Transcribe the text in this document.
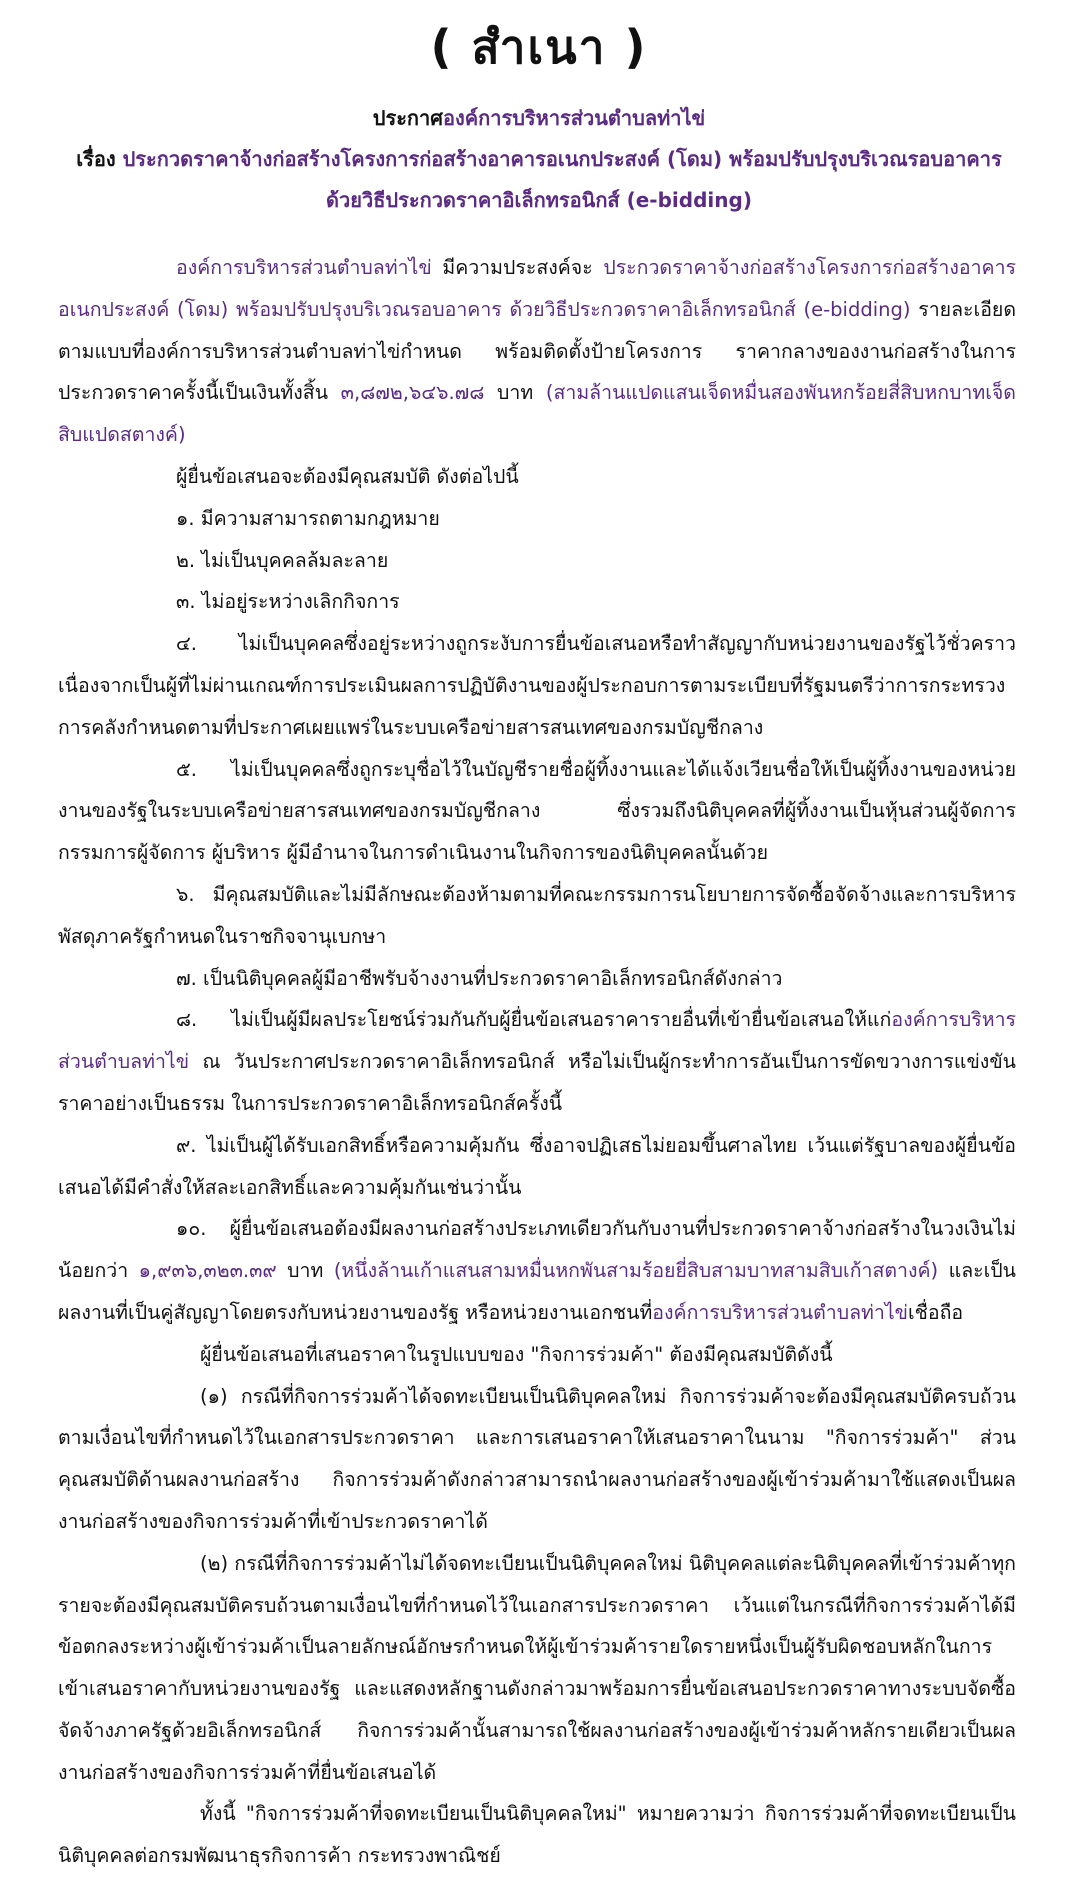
( สำเนา )

ประกาศองค์การบริหารส่วนตำบลท่าไข่

เรื่อง ประกวดราคาจ้างก่อสร้างโครงการก่อสร้างอาคารอเนกประสงค์ (โดม) พร้อมปรับปรุงบริเวณรอบอาคาร

ด้วยวิธีประกวดราคาอิเล็กทรอนิกส์ (e-bidding)

องค์การบริหารส่วนตำบลท่าไข่ มีความประสงค์จะ ประกวดราคาจ้างก่อสร้างโครงการก่อสร้างอาคารอเนกประสงค์ (โดม) พร้อมปรับปรุงบริเวณรอบอาคาร ด้วยวิธีประกวดราคาอิเล็กทรอนิกส์ (e-bidding) รายละเอียดตามแบบที่องค์การบริหารส่วนตำบลท่าไข่กำหนด พร้อมติดตั้งป้ายโครงการ ราคากลางของงานก่อสร้างในการประกวดราคาครั้งนี้เป็นเงินทั้งสิ้น ๓,๘๗๒,๖๔๖.๗๘ บาท (สามล้านแปดแสนเจ็ดหมื่นสองพันหกร้อยสี่สิบหกบาทเจ็ดสิบแปดสตางค์)

ผู้ยื่นข้อเสนอจะต้องมีคุณสมบัติ ดังต่อไปนี้

๑. มีความสามารถตามกฎหมาย

๒. ไม่เป็นบุคคลล้มละลาย

๓. ไม่อยู่ระหว่างเลิกกิจการ

๔. ไม่เป็นบุคคลซึ่งอยู่ระหว่างถูกระงับการยื่นข้อเสนอหรือทำสัญญากับหน่วยงานของรัฐไว้ชั่วคราว เนื่องจากเป็นผู้ที่ไม่ผ่านเกณฑ์การประเมินผลการปฏิบัติงานของผู้ประกอบการตามระเบียบที่รัฐมนตรีว่าการกระทรวงการคลังกำหนดตามที่ประกาศเผยแพร่ในระบบเครือข่ายสารสนเทศของกรมบัญชีกลาง

๕. ไม่เป็นบุคคลซึ่งถูกระบุชื่อไว้ในบัญชีรายชื่อผู้ทิ้งงานและได้แจ้งเวียนชื่อให้เป็นผู้ทิ้งงานของหน่วยงานของรัฐในระบบเครือข่ายสารสนเทศของกรมบัญชีกลาง ซึ่งรวมถึงนิติบุคคลที่ผู้ทิ้งงานเป็นหุ้นส่วนผู้จัดการ กรรมการผู้จัดการ ผู้บริหาร ผู้มีอำนาจในการดำเนินงานในกิจการของนิติบุคคลนั้นด้วย

๖. มีคุณสมบัติและไม่มีลักษณะต้องห้ามตามที่คณะกรรมการนโยบายการจัดซื้อจัดจ้างและการบริหารพัสดุภาครัฐกำหนดในราชกิจจานุเบกษา

๗. เป็นนิติบุคคลผู้มีอาชีพรับจ้างงานที่ประกวดราคาอิเล็กทรอนิกส์ดังกล่าว

๘. ไม่เป็นผู้มีผลประโยชน์ร่วมกันกับผู้ยื่นข้อเสนอราคารายอื่นที่เข้ายื่นข้อเสนอให้แก่องค์การบริหารส่วนตำบลท่าไข่ ณ วันประกาศประกวดราคาอิเล็กทรอนิกส์ หรือไม่เป็นผู้กระทำการอันเป็นการขัดขวางการแข่งขันราคาอย่างเป็นธรรม ในการประกวดราคาอิเล็กทรอนิกส์ครั้งนี้

๙. ไม่เป็นผู้ได้รับเอกสิทธิ์หรือความคุ้มกัน ซึ่งอาจปฏิเสธไม่ยอมขึ้นศาลไทย เว้นแต่รัฐบาลของผู้ยื่นข้อเสนอได้มีคำสั่งให้สละเอกสิทธิ์และความคุ้มกันเช่นว่านั้น

๑๐. ผู้ยื่นข้อเสนอต้องมีผลงานก่อสร้างประเภทเดียวกันกับงานที่ประกวดราคาจ้างก่อสร้างในวงเงินไม่น้อยกว่า ๑,๙๓๖,๓๒๓.๓๙ บาท (หนึ่งล้านเก้าแสนสามหมื่นหกพันสามร้อยยี่สิบสามบาทสามสิบเก้าสตางค์) และเป็นผลงานที่เป็นคู่สัญญาโดยตรงกับหน่วยงานของรัฐ หรือหน่วยงานเอกชนที่องค์การบริหารส่วนตำบลท่าไข่เชื่อถือ

ผู้ยื่นข้อเสนอที่เสนอราคาในรูปแบบของ "กิจการร่วมค้า" ต้องมีคุณสมบัติดังนี้

(๑) กรณีที่กิจการร่วมค้าได้จดทะเบียนเป็นนิติบุคคลใหม่ กิจการร่วมค้าจะต้องมีคุณสมบัติครบถ้วนตามเงื่อนไขที่กำหนดไว้ในเอกสารประกวดราคา และการเสนอราคาให้เสนอราคาในนาม "กิจการร่วมค้า" ส่วนคุณสมบัติด้านผลงานก่อสร้าง กิจการร่วมค้าดังกล่าวสามารถนำผลงานก่อสร้างของผู้เข้าร่วมค้ามาใช้แสดงเป็นผลงานก่อสร้างของกิจการร่วมค้าที่เข้าประกวดราคาได้

(๒) กรณีที่กิจการร่วมค้าไม่ได้จดทะเบียนเป็นนิติบุคคลใหม่ นิติบุคคลแต่ละนิติบุคคลที่เข้าร่วมค้าทุกรายจะต้องมีคุณสมบัติครบถ้วนตามเงื่อนไขที่กำหนดไว้ในเอกสารประกวดราคา เว้นแต่ในกรณีที่กิจการร่วมค้าได้มีข้อตกลงระหว่างผู้เข้าร่วมค้าเป็นลายลักษณ์อักษรกำหนดให้ผู้เข้าร่วมค้ารายใดรายหนึ่งเป็นผู้รับผิดชอบหลักในการเข้าเสนอราคากับหน่วยงานของรัฐ และแสดงหลักฐานดังกล่าวมาพร้อมการยื่นข้อเสนอประกวดราคาทางระบบจัดซื้อจัดจ้างภาครัฐด้วยอิเล็กทรอนิกส์ กิจการร่วมค้านั้นสามารถใช้ผลงานก่อสร้างของผู้เข้าร่วมค้าหลักรายเดียวเป็นผลงานก่อสร้างของกิจการร่วมค้าที่ยื่นข้อเสนอได้

ทั้งนี้ "กิจการร่วมค้าที่จดทะเบียนเป็นนิติบุคคลใหม่" หมายความว่า กิจการร่วมค้าที่จดทะเบียนเป็นนิติบุคคลต่อกรมพัฒนาธุรกิจการค้า กระทรวงพาณิชย์
